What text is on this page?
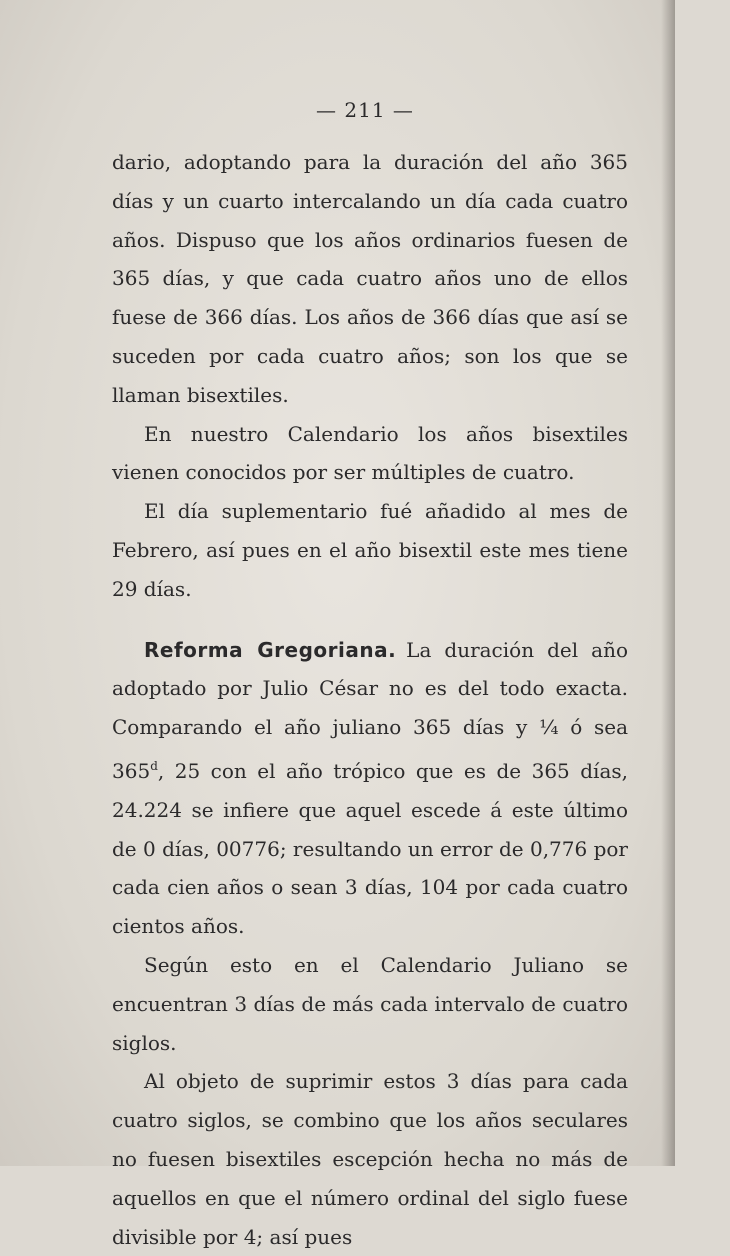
— 211 —

dario, adoptando para la duración del año 365 días y un cuarto intercalando un día cada cuatro años. Dispuso que los años ordinarios fuesen de 365 días, y que cada cuatro años uno de ellos fuese de 366 días. Los años de 366 días que así se suceden por cada cuatro años; son los que se llaman bisextiles.

En nuestro Calendario los años bisextiles vienen conocidos por ser múltiples de cuatro.

El día suplementario fué añadido al mes de Febrero, así pues en el año bisextil este mes tiene 29 días.

Reforma Gregoriana. La duración del año adoptado por Julio César no es del todo exacta. Comparando el año juliano 365 días y ¼ ó sea 365$^d$, 25 con el año trópico que es de 365 días, 24.224 se infiere que aquel escede á este último de 0 días, 00776; resultando un error de 0,776 por cada cien años o sean 3 días, 104 por cada cuatro cientos años.

Según esto en el Calendario Juliano se encuentran 3 días de más cada intervalo de cuatro siglos.

Al objeto de suprimir estos 3 días para cada cuatro siglos, se combino que los años seculares no fuesen bisextiles escepción hecha no más de aquellos en que el número ordinal del siglo fuese divisible por 4; así pues
